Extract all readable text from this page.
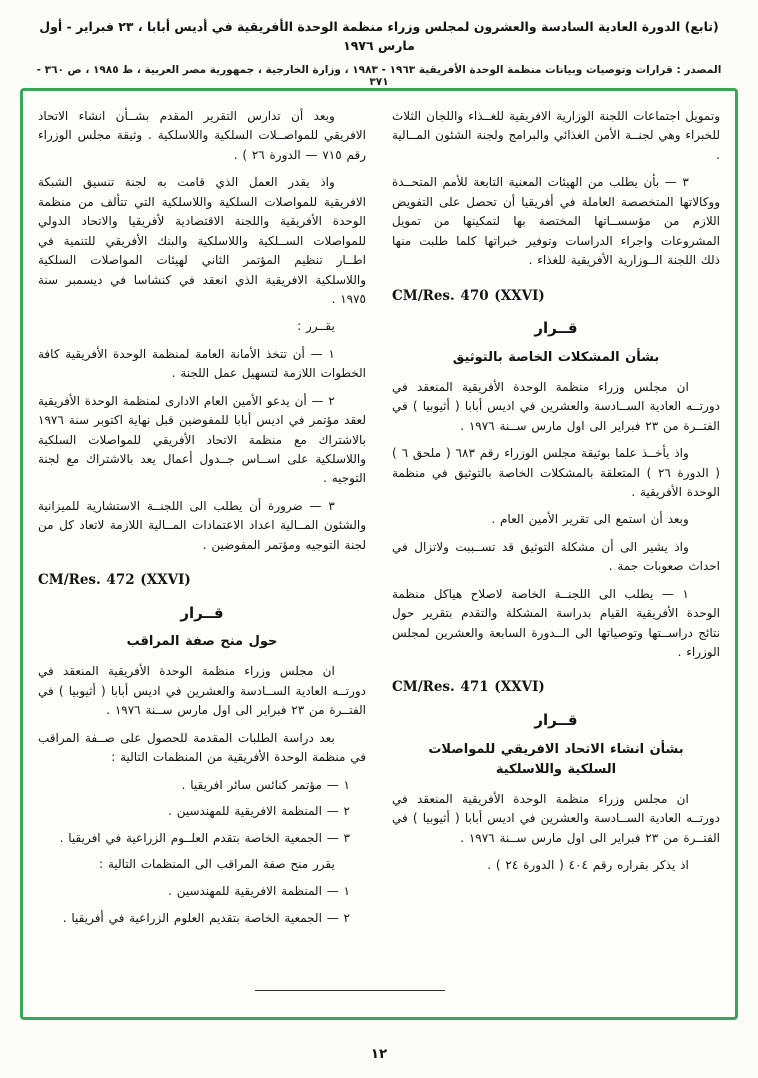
(تابع) الدورة العادية السادسة والعشرون لمجلس وزراء منظمة الوحدة الأفريقية في أديس أبابا ، ٢٣ فبراير - أول مارس ١٩٧٦
المصدر : قرارات وتوصيات وبيانات منظمة الوحدة الأفريقية ١٩٦٣ - ١٩٨٣ ، وزارة الخارجية ، جمهورية مصر العربية ، ط ١٩٨٥ ، ص ٣٦٠ - ٣٧١

وتمويل اجتماعات اللجنة الوزارية الافريقية للغــذاء واللجان الثلاث للخبراء وهي لجنــة الأمن الغذائي والبرامج ولجنة الشئون المــالية .

٣ — بأن يطلب من الهيئات المعنية التابعة للأمم المتحــدة ووكالاتها المتخصصة العاملة في أفريقيا أن تحصل على التفويض اللازم من مؤسســاتها المختصة بها لتمكينها من تمويل المشروعات واجراء الدراسات وتوفير خبراتها كلما طلبت منها ذلك اللجنة الــوزارية الأفريقية للغذاء .

CM/Res. 470 (XXVI)

قــرار
بشأن المشكلات الخاصة بالتوثيق

ان مجلس وزراء منظمة الوحدة الأفريقية المنعقد في دورتــه العادية الســادسة والعشرين في اديس أبابا ( أثيوبيا ) في الفتــرة من ٢٣ فبراير الى اول مارس ســنة ١٩٧٦ .

واذ يأخــذ علما بوثيقة مجلس الوزراء رقم ٦٨٣ ( ملحق ٦ ) ( الدورة ٢٦ ) المتعلقة بالمشكلات الخاصة بالتوثيق في منظمة الوحدة الأفريقية .

وبعد أن استمع الى تقرير الأمين العام .

واذ يشير الى أن مشكلة التوثيق قد تســببت ولاتزال في احداث صعوبات جمة .

١ — يطلب الى اللجنــة الخاصة لاصلاح هياكل منظمة الوحدة الأفريقية القيام بدراسة المشكلة والتقدم بتقرير حول نتائج دراســتها وتوصياتها الى الــدورة السابعة والعشرين لمجلس الوزراء .

CM/Res. 471 (XXVI)

قــرار
بشأن انشاء الاتحاد الافريقي للمواصلات السلكية واللاسلكية

ان مجلس وزراء منظمة الوحدة الأفريقية المنعقد في دورتــه العادية الســادسة والعشرين في اديس أبابا ( أثيوبيا ) في الفتــرة من ٢٣ فبراير الى اول مارس ســنة ١٩٧٦ .

اذ يذكر بقراره رقم ٤٠٤ ( الدورة ٢٤ ) .

وبعد أن تدارس التقرير المقدم بشــأن انشاء الاتحاد الافريقي للمواصــلات السلكية واللاسلكية . وثيقة مجلس الوزراء رقم ٧١٥ — الدورة ٢٦ ) .

واذ يقدر العمل الذي قامت به لجنة تنسيق الشبكة الافريقية للمواصلات السلكية واللاسلكية التي تتألف من منظمة الوحدة الأفريقية واللجنة الاقتصادية لأفريقيا والاتحاد الدولي للمواصلات الســلكية واللاسلكية والبنك الأفريقي للتنمية في اطــار تنظيم المؤتمر الثاني لهيئات المواصلات السلكية واللاسلكية الافريقية الذي انعقد في كنشاسا في ديسمبر سنة ١٩٧٥ .

يقــرر :

١ — أن تتخذ الأمانة العامة لمنظمة الوحدة الأفريقية كافة الخطوات اللازمة لتسهيل عمل اللجنة .

٢ — أن يدعو الأمين العام الادارى لمنظمة الوحدة الأفريقية لعقد مؤتمر في اديس أبابا للمفوضين قبل نهاية اكتوبر سنة ١٩٧٦ بالاشتراك مع منظمة الاتحاد الأفريقي للمواصلات السلكية واللاسلكية على اســاس جــدول أعمال يعد بالاشتراك مع لجنة التوجيه .

٣ — ضرورة أن يطلب الى اللجنــة الاستشارية للميزانية والشئون المــالية اعداد الاعتمادات المــالية اللازمة لاتعاد كل من لجنة التوجيه ومؤتمر المفوضين .

CM/Res. 472 (XXVI)

قــرار
حول منح صفة المراقب

ان مجلس وزراء منظمة الوحدة الأفريقية المنعقد في دورتــه العادية الســادسة والعشرين في اديس أبابا ( أثيوبيا ) في الفتــرة من ٢٣ فبراير الى اول مارس ســنة ١٩٧٦ .

بعد دراسة الطلبات المقدمة للحصول على صــفة المراقب في منظمة الوحدة الأفريقية من المنظمات التالية :

١ — مؤتمر كنائس سائر افريقيا .

٢ — المنظمة الافريقية للمهندسين .

٣ — الجمعية الخاصة بتقدم العلــوم الزراعية في افريقيا .

يقرر منح صفة المراقب الى المنظمات التالية :

١ — المنظمة الافريقية للمهندسين .

٢ — الجمعية الخاصة بتقديم العلوم الزراعية في أفريقيا .

١٢
